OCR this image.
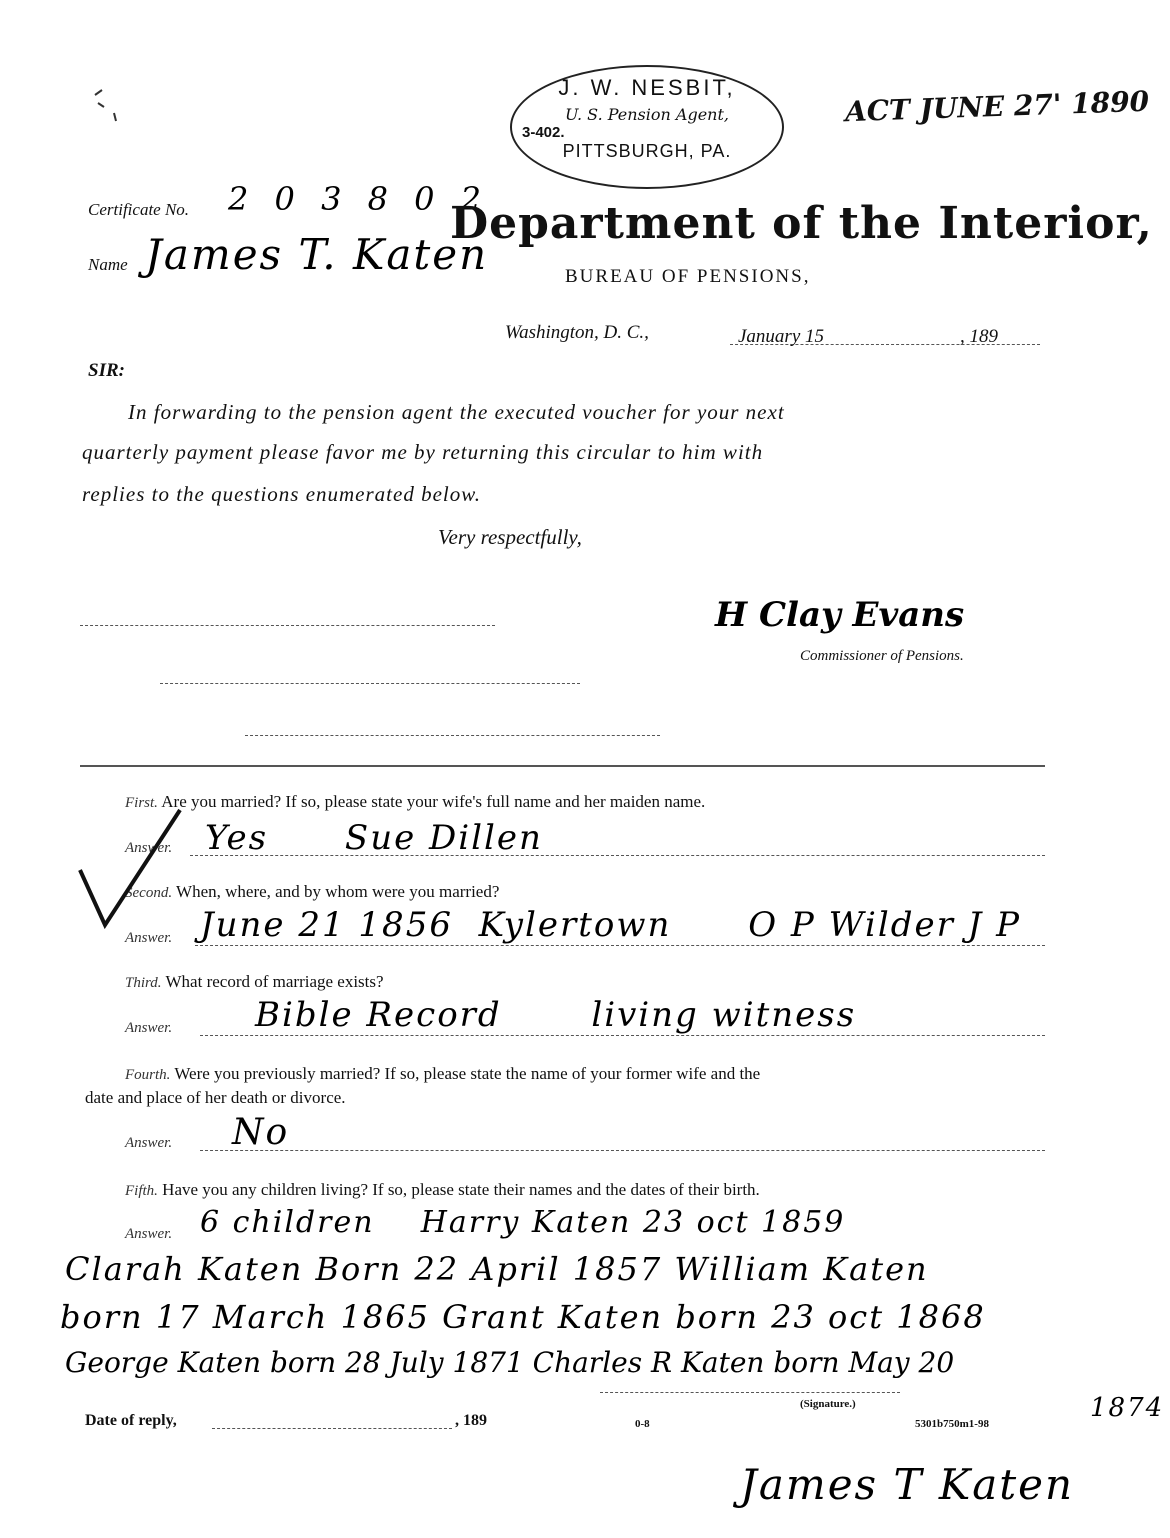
J. W. NESBIT,
U. S. Pension Agent,
3-402.
PITTSBURGH, PA.
ACT JUNE 27' 1890
Certificate No. 2 0 3 8 0 2
Department of the Interior,
Name James T. Katen	BUREAU OF PENSIONS,
Washington, D. C.,	January 15	, 189
SIR:
In forwarding to the pension agent the executed voucher for your next
quarterly payment please favor me by returning this circular to him with
replies to the questions enumerated below.
Very respectfully,
H Clay Evans
Commissioner of Pensions.
First. Are you married? If so, please state your wife's full name and her maiden name.
Answer. Yes      Sue Dillen
Second. When, where, and by whom were you married?
Answer. June 21 1856  Kylertown      O P Wilder J P
Third. What record of marriage exists?
Answer. Bible Record       living witness
Fourth. Were you previously married? If so, please state the name of your former wife and the
date and place of her death or divorce.
Answer. No
Fifth. Have you any children living? If so, please state their names and the dates of their birth.
Answer. 6 children    Harry Katen 23 oct 1859
Clarah Katen Born 22 April 1857 William Katen
born 17 March 1865 Grant Katen born 23 oct 1868
George Katen born 28 July 1871 Charles R Katen born May 20
1874
Date of reply,	, 189	0-8
(Signature.)
5301b750m1-98
James T Katen
